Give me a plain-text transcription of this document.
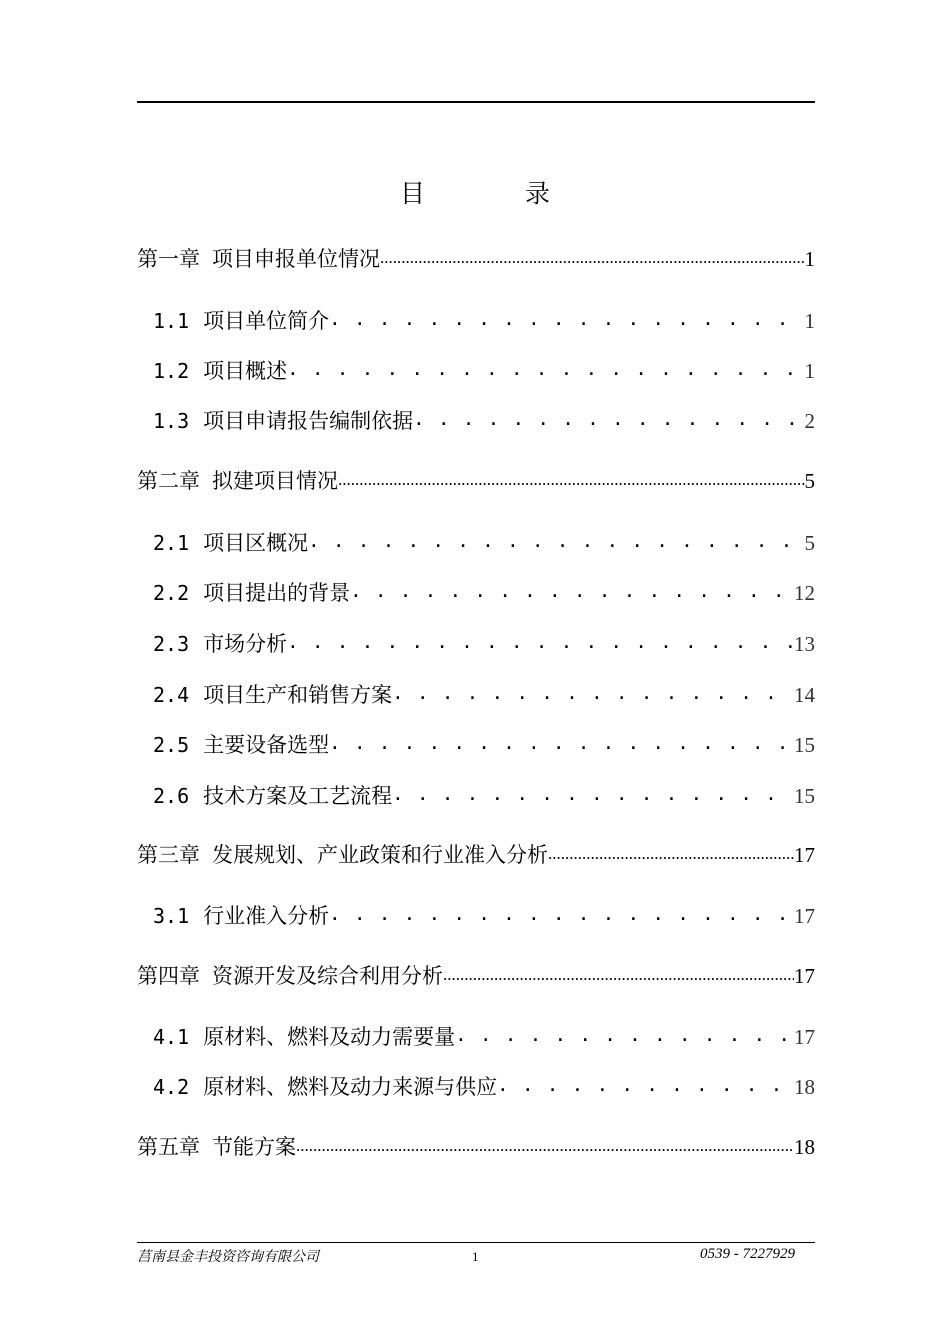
目	录
第一章 项目申报单位情况 .....	1
1.1 项目单位简介 . . .	1
1.2 项目概述 . . .	1
1.3 项目申请报告编制依据 . . .	2
第二章 拟建项目情况 .....	5
2.1 项目区概况 . . .	5
2.2 项目提出的背景 . . .	12
2.3 市场分析 . . .	13
2.4 项目生产和销售方案 . . .	14
2.5 主要设备选型 . . .	15
2.6 技术方案及工艺流程 . . .	15
第三章 发展规划、产业政策和行业准入分析 .....	17
3.1 行业准入分析 . . .	17
第四章 资源开发及综合利用分析 .....	17
4.1 原材料、燃料及动力需要量 . . .	17
4.2 原材料、燃料及动力来源与供应 . . .	18
第五章 节能方案 .....	18
莒南县金丰投资咨询有限公司	1	0539 - 7227929
